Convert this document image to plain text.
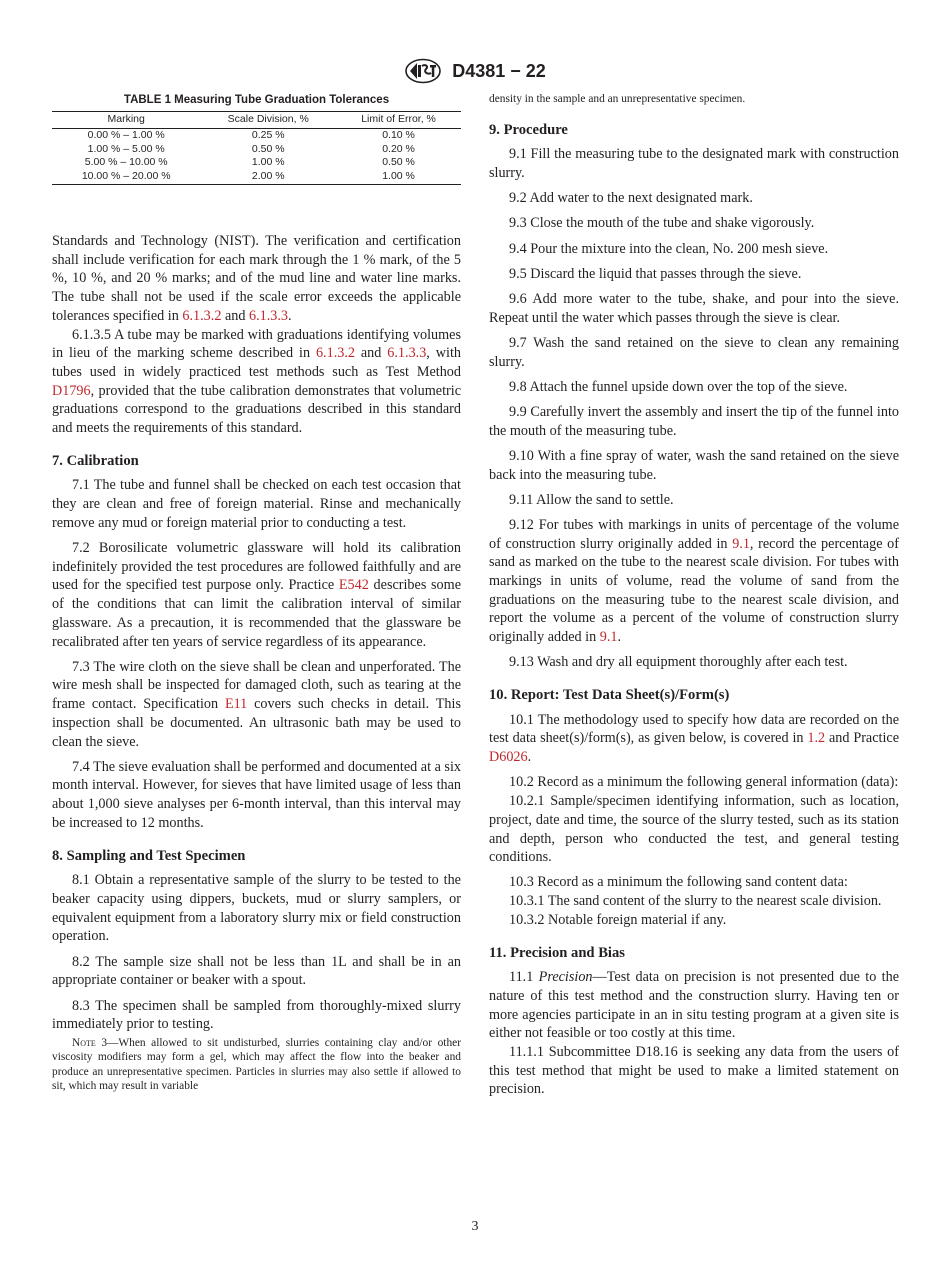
D4381 − 22
TABLE 1 Measuring Tube Graduation Tolerances
Marking	Scale Division, %	Limit of Error, %
0.00 % – 1.00 %	0.25 %	0.10 %
1.00 % – 5.00 %	0.50 %	0.20 %
5.00 % – 10.00 %	1.00 %	0.50 %
10.00 % – 20.00 %	2.00 %	1.00 %

Standards and Technology (NIST). The verification and certification shall include verification for each mark through the 1 % mark, of the 5 %, 10 %, and 20 % marks; and of the mud line and water line marks. The tube shall not be used if the scale error exceeds the applicable tolerances specified in 6.1.3.2 and 6.1.3.3.

6.1.3.5 A tube may be marked with graduations identifying volumes in lieu of the marking scheme described in 6.1.3.2 and 6.1.3.3, with tubes used in widely practiced test methods such as Test Method D1796, provided that the tube calibration demonstrates that volumetric graduations correspond to the graduations described in this standard and meets the requirements of this standard.

7. Calibration

7.1 The tube and funnel shall be checked on each test occasion that they are clean and free of foreign material. Rinse and mechanically remove any mud or foreign material prior to conducting a test.

7.2 Borosilicate volumetric glassware will hold its calibration indefinitely provided the test procedures are followed faithfully and are used for the specified test purpose only. Practice E542 describes some of the conditions that can limit the calibration interval of similar glassware. As a precaution, it is recommended that the glassware be recalibrated after ten years of service regardless of its appearance.

7.3 The wire cloth on the sieve shall be clean and unperforated. The wire mesh shall be inspected for damaged cloth, such as tearing at the frame contact. Specification E11 covers such checks in detail. This inspection shall be documented. An ultrasonic bath may be used to clean the sieve.

7.4 The sieve evaluation shall be performed and documented at a six month interval. However, for sieves that have limited usage of less than about 1,000 sieve analyses per 6-month interval, than this interval may be increased to 12 months.

8. Sampling and Test Specimen

8.1 Obtain a representative sample of the slurry to be tested to the beaker capacity using dippers, buckets, mud or slurry samplers, or equivalent equipment from a laboratory slurry mix or field construction operation.

8.2 The sample size shall not be less than 1L and shall be in an appropriate container or beaker with a spout.

8.3 The specimen shall be sampled from thoroughly-mixed slurry immediately prior to testing.

Note 3—When allowed to sit undisturbed, slurries containing clay and/or other viscosity modifiers may form a gel, which may affect the flow into the beaker and produce an unrepresentative specimen. Particles in slurries may also settle if allowed to sit, which may result in variable

density in the sample and an unrepresentative specimen.

9. Procedure

9.1 Fill the measuring tube to the designated mark with construction slurry.

9.2 Add water to the next designated mark.

9.3 Close the mouth of the tube and shake vigorously.

9.4 Pour the mixture into the clean, No. 200 mesh sieve.

9.5 Discard the liquid that passes through the sieve.

9.6 Add more water to the tube, shake, and pour into the sieve. Repeat until the water which passes through the sieve is clear.

9.7 Wash the sand retained on the sieve to clean any remaining slurry.

9.8 Attach the funnel upside down over the top of the sieve.

9.9 Carefully invert the assembly and insert the tip of the funnel into the mouth of the measuring tube.

9.10 With a fine spray of water, wash the sand retained on the sieve back into the measuring tube.

9.11 Allow the sand to settle.

9.12 For tubes with markings in units of percentage of the volume of construction slurry originally added in 9.1, record the percentage of sand as marked on the tube to the nearest scale division. For tubes with markings in units of volume, read the volume of sand from the graduations on the measuring tube to the nearest scale division, and report the volume as a percent of the volume of construction slurry originally added in 9.1.

9.13 Wash and dry all equipment thoroughly after each test.

10. Report: Test Data Sheet(s)/Form(s)

10.1 The methodology used to specify how data are recorded on the test data sheet(s)/form(s), as given below, is covered in 1.2 and Practice D6026.

10.2 Record as a minimum the following general information (data):

10.2.1 Sample/specimen identifying information, such as location, project, date and time, the source of the slurry tested, such as its station and depth, person who conducted the test, and general testing conditions.

10.3 Record as a minimum the following sand content data:

10.3.1 The sand content of the slurry to the nearest scale division.

10.3.2 Notable foreign material if any.

11. Precision and Bias

11.1 Precision—Test data on precision is not presented due to the nature of this test method and the construction slurry. Having ten or more agencies participate in an in situ testing program at a given site is either not feasible or too costly at this time.

11.1.1 Subcommittee D18.16 is seeking any data from the users of this test method that might be used to make a limited statement on precision.

3
